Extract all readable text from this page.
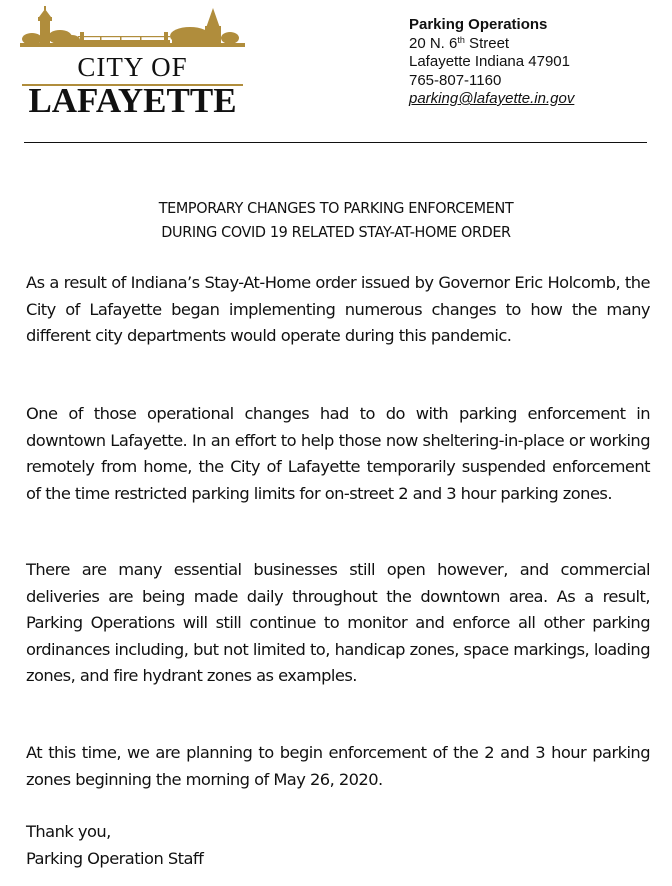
CITY OF
LAFAYETTE
Parking Operations
20 N. 6th Street
Lafayette Indiana 47901
765-807-1160
parking@lafayette.in.gov
TEMPORARY CHANGES TO PARKING ENFORCEMENT
DURING COVID 19 RELATED STAY-AT-HOME ORDER
As a result of Indiana’s Stay-At-Home order issued by Governor Eric Holcomb, the City of Lafayette began implementing numerous changes to how the many different city departments would operate during this pandemic.
One of those operational changes had to do with parking enforcement in downtown Lafayette. In an effort to help those now sheltering-in-place or working remotely from home, the City of Lafayette temporarily suspended enforcement of the time restricted parking limits for on-street 2 and 3 hour parking zones.
There are many essential businesses still open however, and commercial deliveries are being made daily throughout the downtown area. As a result, Parking Operations will still continue to monitor and enforce all other parking ordinances including, but not limited to, handicap zones, space markings, loading zones, and fire hydrant zones as examples.
At this time, we are planning to begin enforcement of the 2 and 3 hour parking zones beginning the morning of May 26, 2020.
Thank you,
Parking Operation Staff
